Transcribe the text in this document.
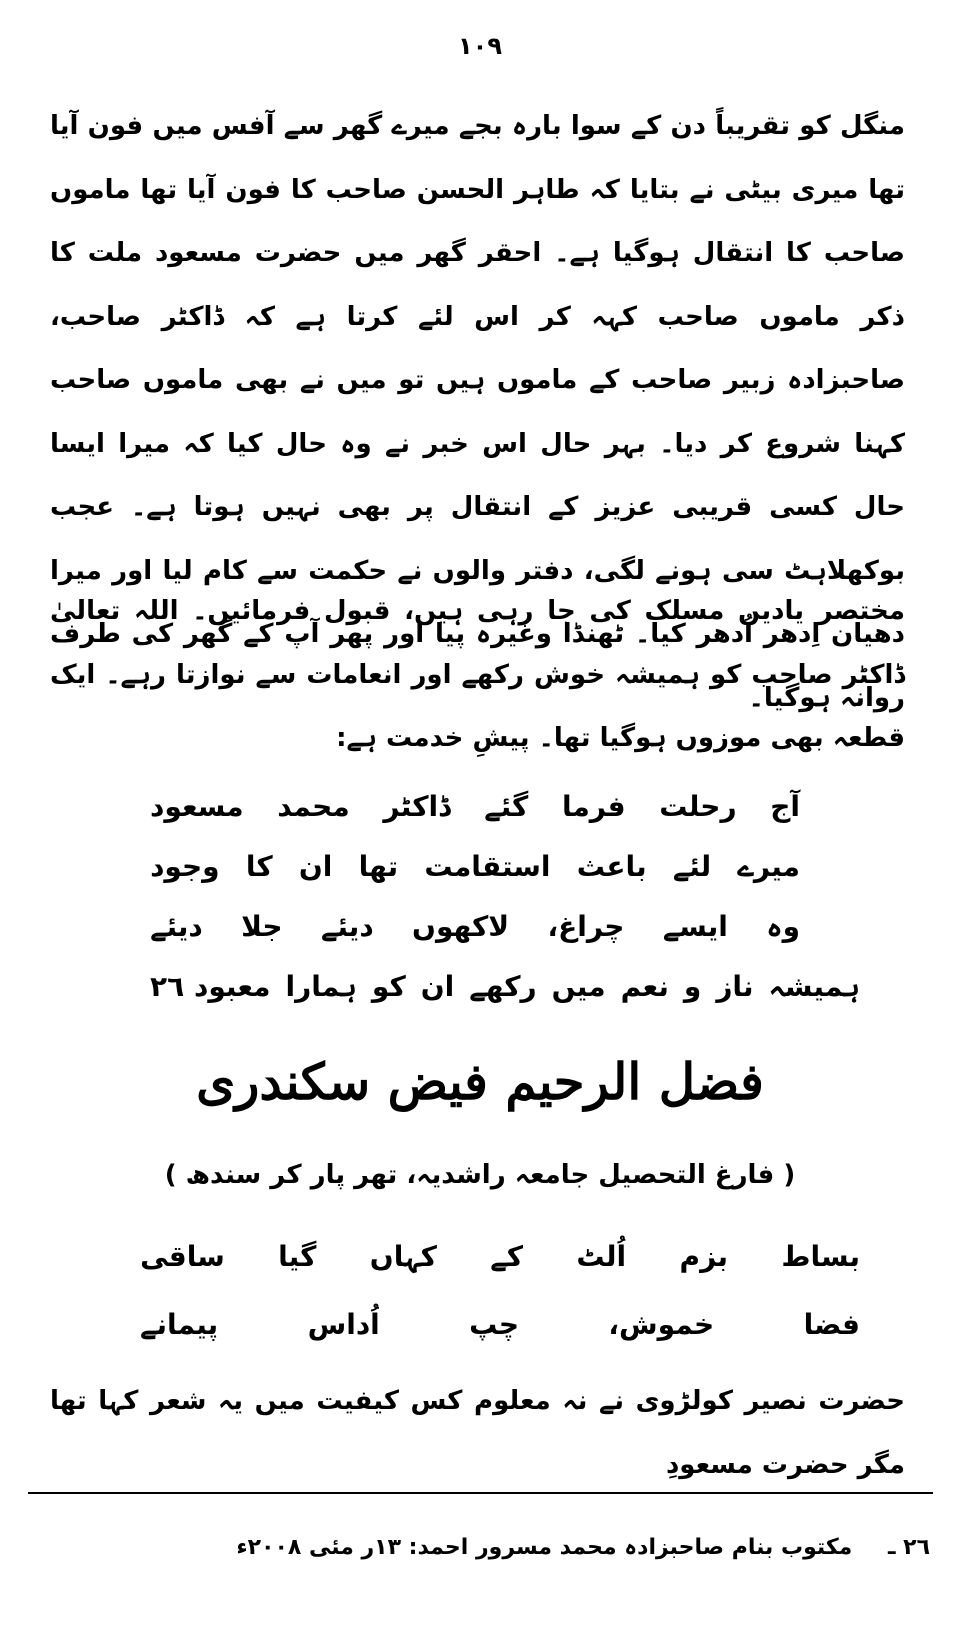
١٠٩

منگل کو تقریباً دن کے سوا بارہ بجے میرے گھر سے آفس میں فون آیا تھا میری بیٹی نے بتایا کہ طاہر الحسن صاحب کا فون آیا تھا ماموں صاحب کا انتقال ہوگیا ہے۔ احقر گھر میں حضرت مسعود ملت کا ذکر ماموں صاحب کہہ کر اس لئے کرتا ہے کہ ڈاکٹر صاحب، صاحبزادہ زبیر صاحب کے ماموں ہیں تو میں نے بھی ماموں صاحب کہنا شروع کر دیا۔ بہر حال اس خبر نے وہ حال کیا کہ میرا ایسا حال کسی قریبی عزیز کے انتقال پر بھی نہیں ہوتا ہے۔ عجب بوکھلاہٹ سی ہونے لگی، دفتر والوں نے حکمت سے کام لیا اور میرا دھیان اِدھر اُدھر کیا۔ ٹھنڈا وغیرہ پیا اور پھر آپ کے گھر کی طرف روانہ ہوگیا۔

مختصر یادیں مسلک کی جا رہی ہیں، قبول فرمائیں۔ اللہ تعالیٰ ڈاکٹر صاحب کو ہمیشہ خوش رکھے اور انعامات سے نوازتا رہے۔ ایک قطعہ بھی موزوں ہوگیا تھا۔ پیشِ خدمت ہے:

آج
رحلت
فرما
گئے
ڈاکٹر
محمد
مسعود
میرے
لئے
باعث
استقامت
تھا
ان
کا
وجود
وہ
ایسے
چراغ،
لاکھوں
دیئے
جلا
دیئے
ہمیشہ
ناز
و
نعم
میں
رکھے
ان
کو
ہمارا
معبود ٢٦
فضل الرحیم فیض سکندری
( فارغ التحصیل جامعہ راشدیہ، تھر پار کر سندھ )
بساط
بزم
اُلٹ
کے
کہاں
گیا
ساقی
فضا
خموش،
چپ
اُداس
پیمانے

حضرت نصیر کولڑوی نے نہ معلوم کس کیفیت میں یہ شعر کہا تھا مگر حضرت مسعودِ

٢٦ ـ مکتوب بنام صاحبزادہ محمد مسرور احمد: ١٣ر مئی ٢٠٠٨ء
